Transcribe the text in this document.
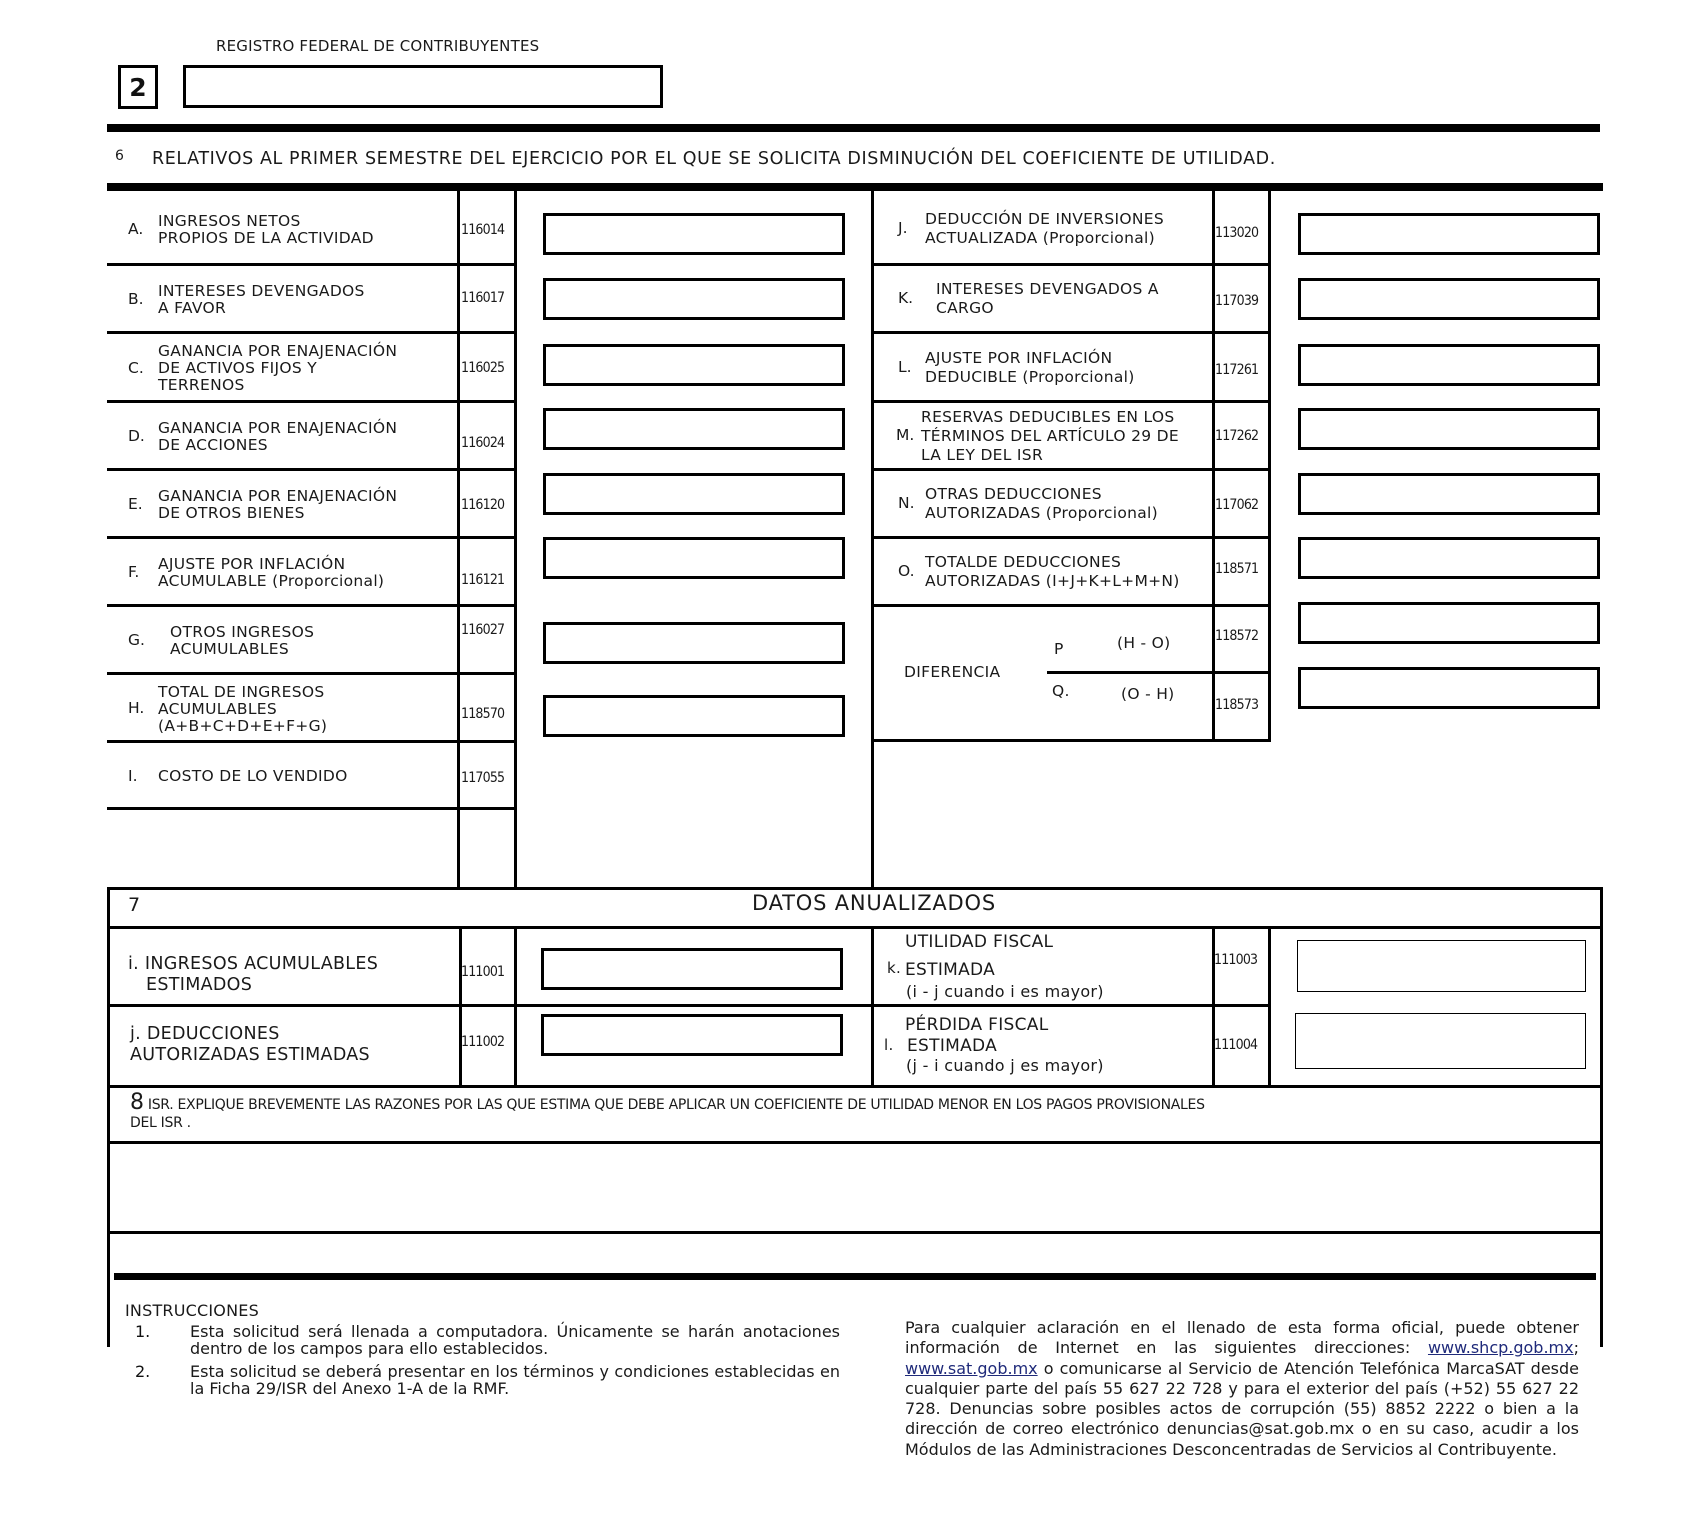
REGISTRO FEDERAL DE CONTRIBUYENTES
2
6 RELATIVOS AL PRIMER SEMESTRE DEL EJERCICIO POR EL QUE SE SOLICITA DISMINUCIÓN DEL COEFICIENTE DE UTILIDAD.
A. INGRESOS NETOS
PROPIOS DE LA ACTIVIDAD	116014
B. INTERESES DEVENGADOS
A FAVOR
116017
C.
GANANCIA POR ENAJENACIÓN
DE ACTIVOS FIJOS Y
TERRENOS
116025
D. GANANCIA POR ENAJENACIÓN
DE ACCIONES	116024
E. GANANCIA POR ENAJENACIÓN
DE OTROS BIENES	116120
F. AJUSTE POR INFLACIÓN
ACUMULABLE (Proporcional)	116121
G. OTROS INGRESOS
ACUMULABLES
116027
H.
TOTAL DE INGRESOS
ACUMULABLES
(A+B+C+D+E+F+G)
118570
I. COSTO DE LO VENDIDO	117055
J. DEDUCCIÓN DE INVERSIONES
ACTUALIZADA (Proporcional)	113020
K. INTERESES DEVENGADOS A
CARGO	117039
L. AJUSTE POR INFLACIÓN
DEDUCIBLE (Proporcional)	117261
M.
RESERVAS DEDUCIBLES EN LOS
TÉRMINOS DEL ARTÍCULO 29 DE
LA LEY DEL ISR
117262
N. OTRAS DEDUCCIONES
AUTORIZADAS (Proporcional)	117062
O. TOTALDE DEDUCCIONES
AUTORIZADAS (I+J+K+L+M+N)
118571
DIFERENCIA
P	(H - O)
Q.	(O - H)
118572
118573
7	DATOS ANUALIZADOS
i. INGRESOS ACUMULABLES
ESTIMADOS
111001
j. DEDUCCIONES
AUTORIZADAS ESTIMADAS
111002
UTILIDAD FISCAL
k. ESTIMADA
(i - j cuando i es mayor)
111003
PÉRDIDA FISCAL
l. ESTIMADA
(j - i cuando j es mayor)
111004
8 ISR. EXPLIQUE BREVEMENTE LAS RAZONES POR LAS QUE ESTIMA QUE DEBE APLICAR UN COEFICIENTE DE UTILIDAD MENOR EN LOS PAGOS PROVISIONALES
DEL ISR .
INSTRUCCIONES
1.	Esta solicitud será llenada a computadora. Únicamente se harán anotaciones dentro de los campos para ello establecidos.
2.	Esta solicitud se deberá presentar en los términos y condiciones establecidas en la Ficha 29/ISR del Anexo 1-A de la RMF.
Para cualquier aclaración en el llenado de esta forma oficial, puede obtener información de Internet en las siguientes direcciones: www.shcp.gob.mx; www.sat.gob.mx o comunicarse al Servicio de Atención Telefónica MarcaSAT desde cualquier parte del país 55 627 22 728 y para el exterior del país (+52) 55 627 22 728. Denuncias sobre posibles actos de corrupción (55) 8852 2222 o bien a la dirección de correo electrónico denuncias@sat.gob.mx o en su caso, acudir a los Módulos de las Administraciones Desconcentradas de Servicios al Contribuyente.
